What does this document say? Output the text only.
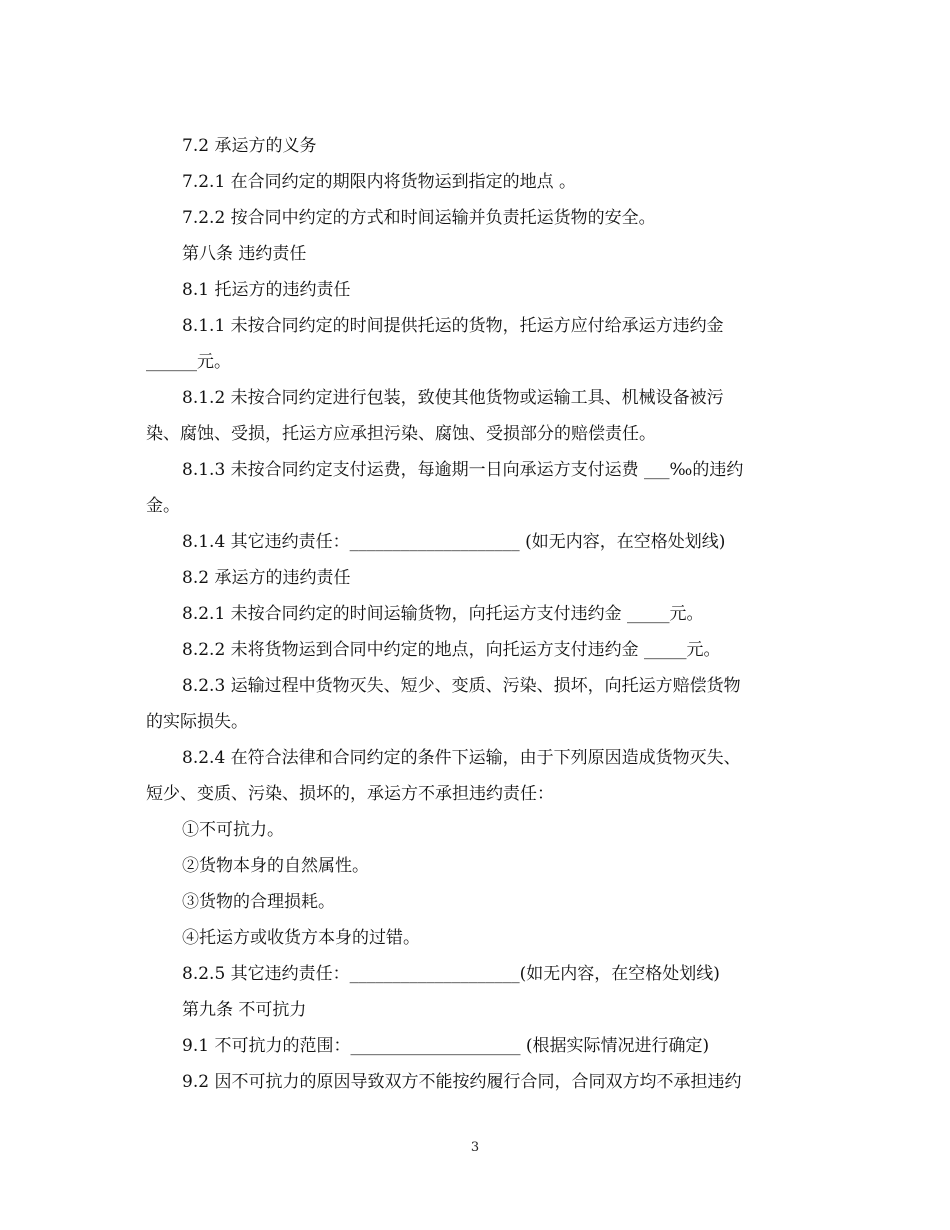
7.2 承运方的义务
7.2.1 在合同约定的期限内将货物运到指定的地点 。
7.2.2 按合同中约定的方式和时间运输并负责托运货物的安全。
第八条 违约责任
8.1 托运方的违约责任
8.1.1 未按合同约定的时间提供托运的货物，托运方应付给承运方违约金
______元。
8.1.2 未按合同约定进行包装，致使其他货物或运输工具、机械设备被污
染、腐蚀、受损，托运方应承担污染、腐蚀、受损部分的赔偿责任。
8.1.3 未按合同约定支付运费，每逾期一日向承运方支付运费 ___‰的违约
金。
8.1.4 其它违约责任：____________________ (如无内容，在空格处划线)
8.2 承运方的违约责任
8.2.1 未按合同约定的时间运输货物，向托运方支付违约金 _____元。
8.2.2 未将货物运到合同中约定的地点，向托运方支付违约金 _____元。
8.2.3 运输过程中货物灭失、短少、变质、污染、损坏，向托运方赔偿货物
的实际损失。
8.2.4 在符合法律和合同约定的条件下运输，由于下列原因造成货物灭失、
短少、变质、污染、损坏的，承运方不承担违约责任：
①不可抗力。
②货物本身的自然属性。
③货物的合理损耗。
④托运方或收货方本身的过错。
8.2.5 其它违约责任：____________________(如无内容，在空格处划线)
第九条 不可抗力
9.1 不可抗力的范围：____________________ (根据实际情况进行确定)
9.2 因不可抗力的原因导致双方不能按约履行合同，合同双方均不承担违约
3
